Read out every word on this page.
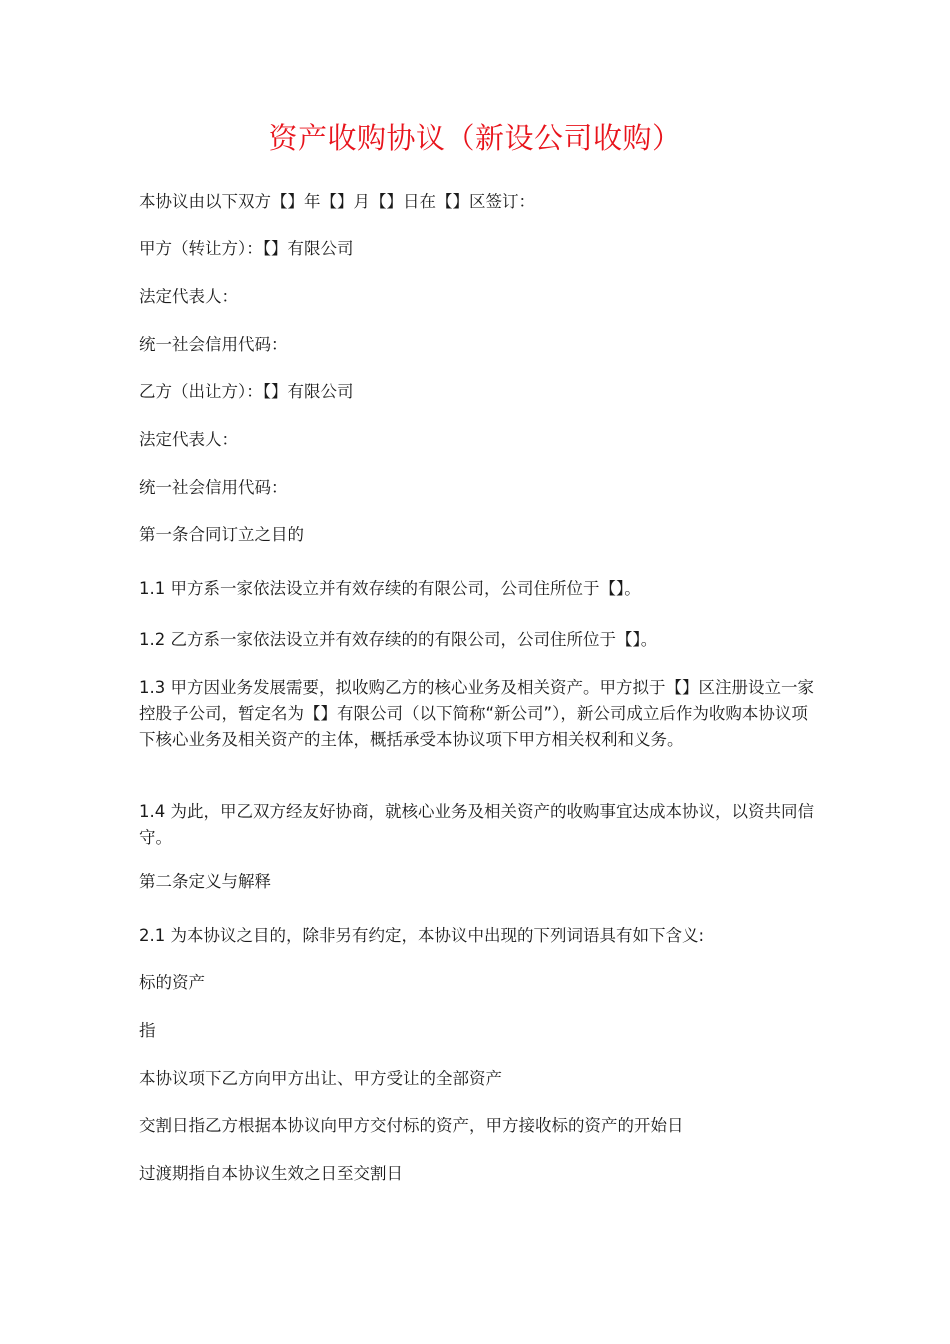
资产收购协议（新设公司收购）

本协议由以下双方【】年【】月【】日在【】区签订：

甲方（转让方）：【】有限公司

法定代表人：

统一社会信用代码：

乙方（出让方）：【】有限公司

法定代表人：

统一社会信用代码：

第一条合同订立之目的

1.1 甲方系一家依法设立并有效存续的有限公司，公司住所位于【】。

1.2 乙方系一家依法设立并有效存续的的有限公司，公司住所位于【】。

1.3 甲方因业务发展需要，拟收购乙方的核心业务及相关资产。甲方拟于【】区注册设立一家控股子公司，暂定名为【】有限公司（以下简称“新公司”），新公司成立后作为收购本协议项下核心业务及相关资产的主体，概括承受本协议项下甲方相关权利和义务。

1.4 为此，甲乙双方经友好协商，就核心业务及相关资产的收购事宜达成本协议，以资共同信守。

第二条定义与解释

2.1 为本协议之目的，除非另有约定，本协议中出现的下列词语具有如下含义:

标的资产

指

本协议项下乙方向甲方出让、甲方受让的全部资产

交割日指乙方根据本协议向甲方交付标的资产，甲方接收标的资产的开始日

过渡期指自本协议生效之日至交割日
